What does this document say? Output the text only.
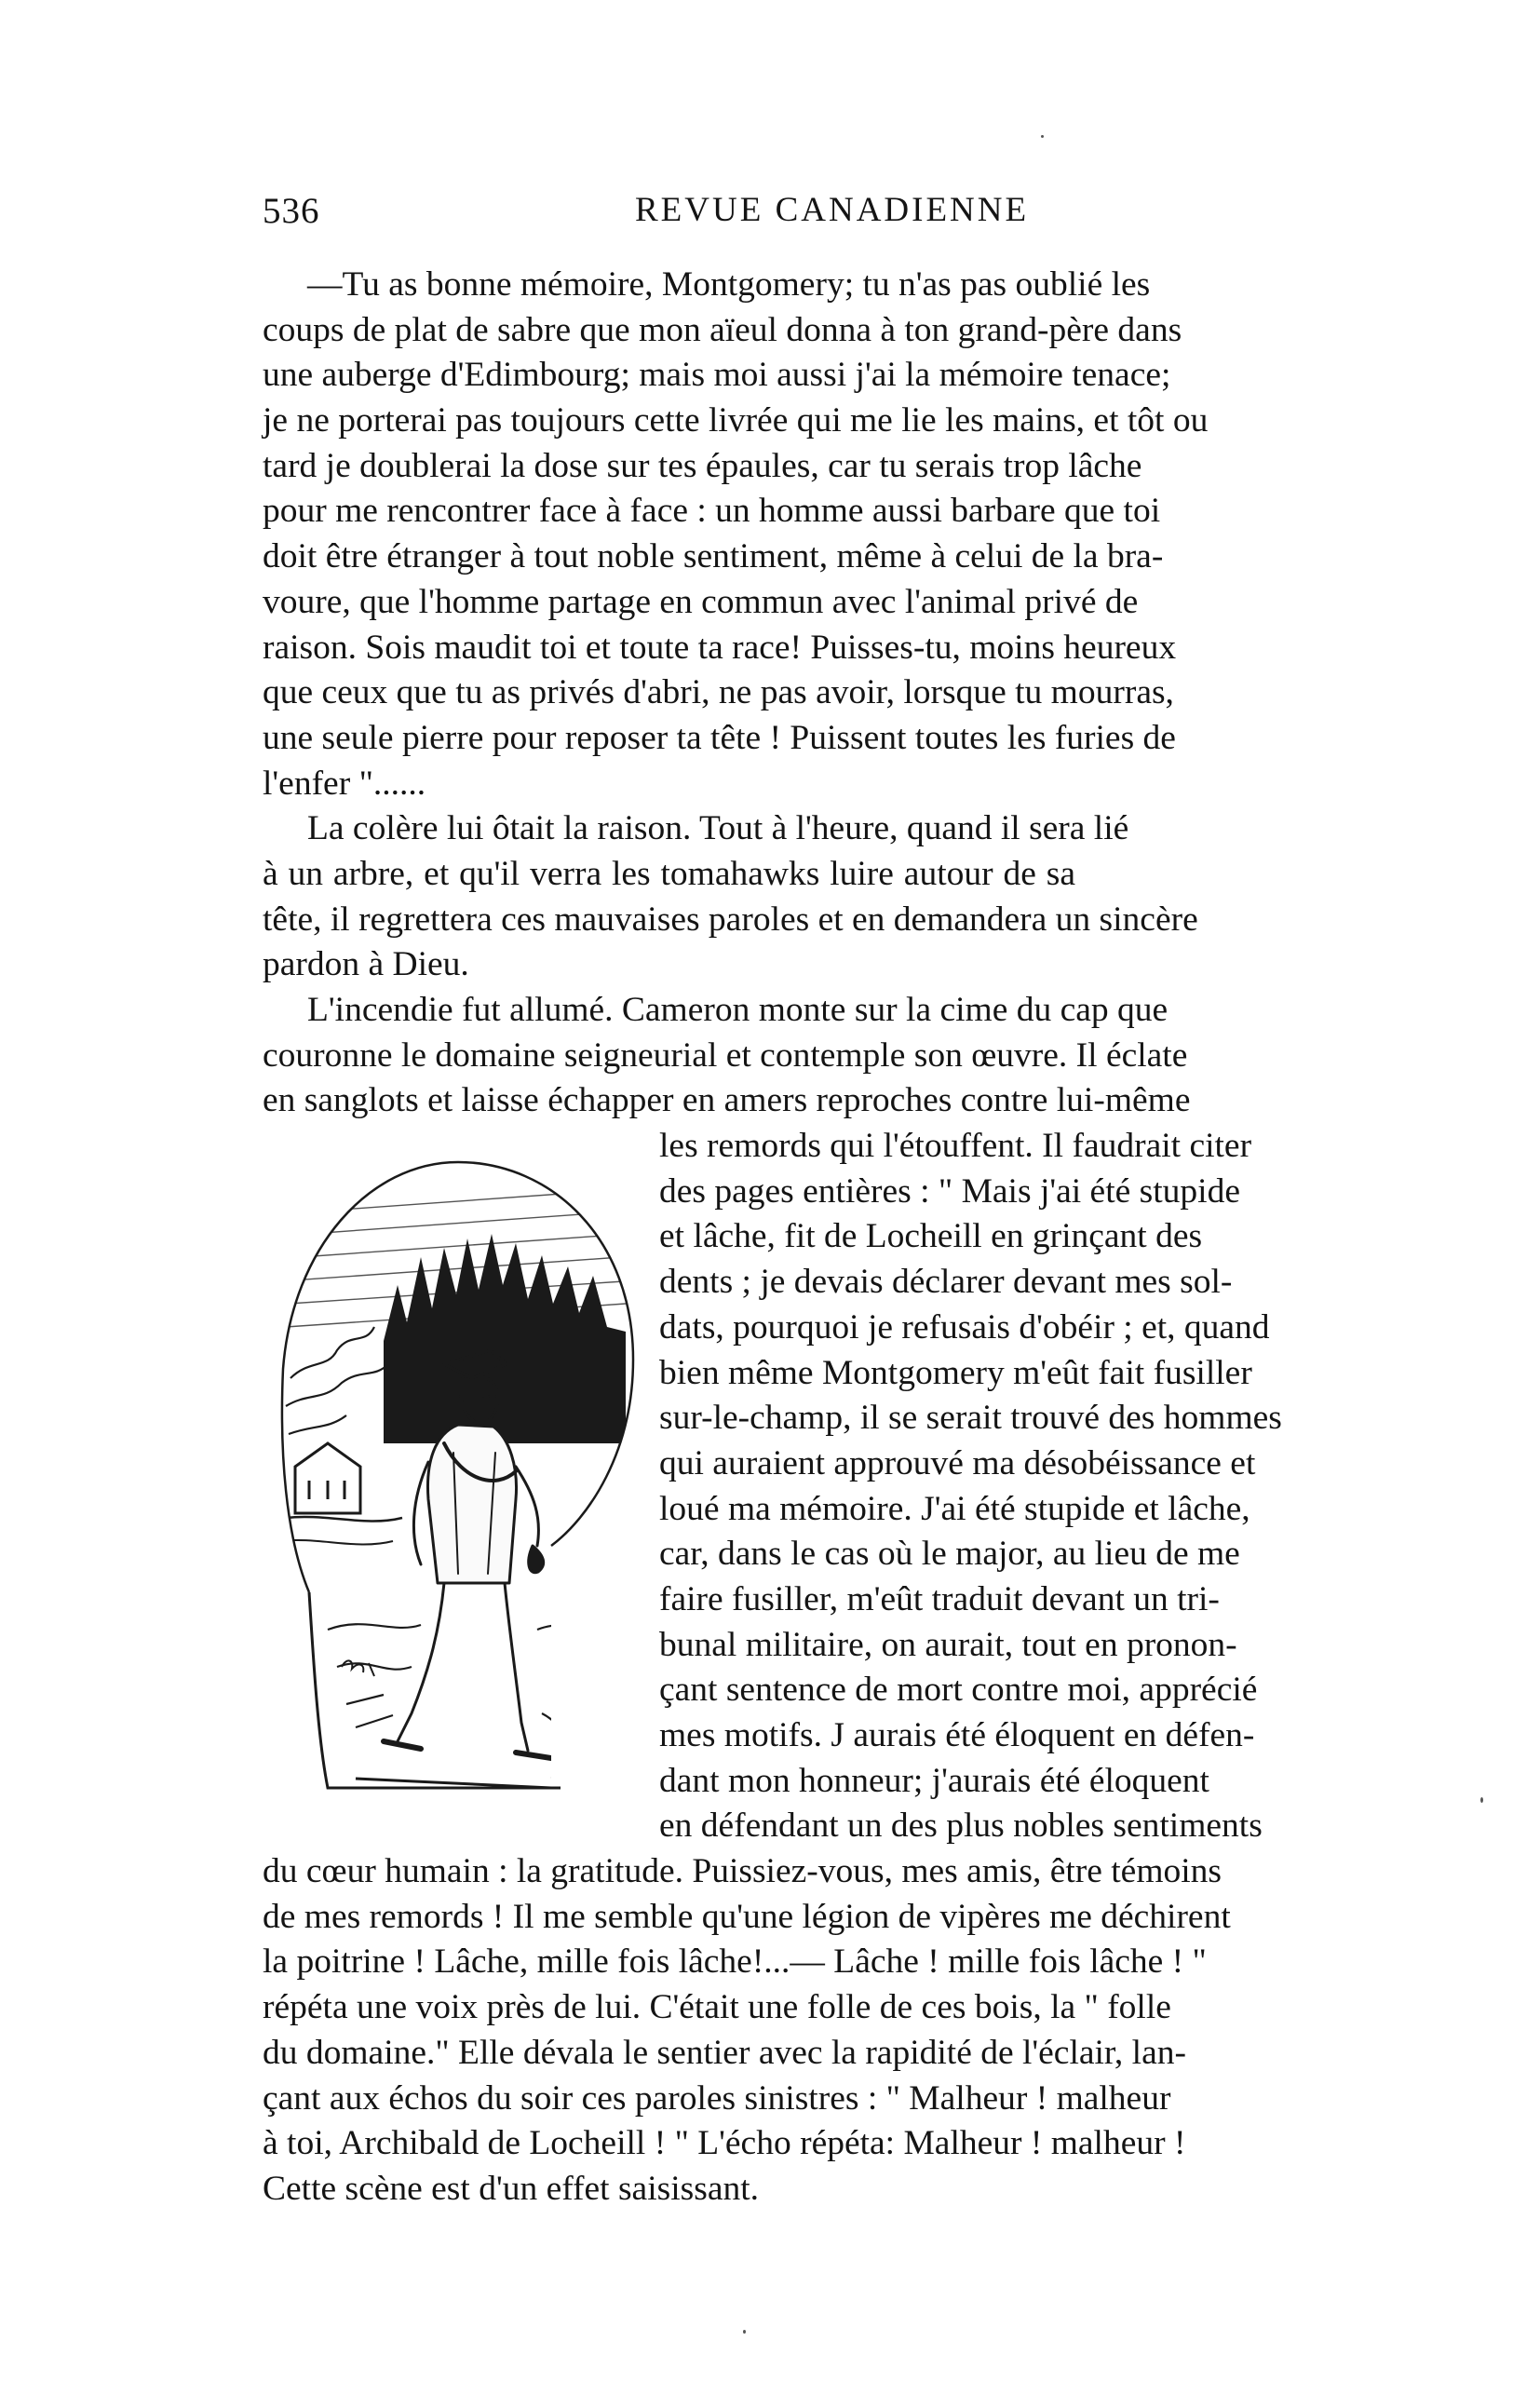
536	REVUE CANADIENNE
—Tu as bonne mémoire, Montgomery; tu n'as pas oublié les
coups de plat de sabre que mon aïeul donna à ton grand-père dans
une auberge d'Edimbourg; mais moi aussi j'ai la mémoire tenace;
je ne porterai pas toujours cette livrée qui me lie les mains, et tôt ou
tard je doublerai la dose sur tes épaules, car tu serais trop lâche
pour me rencontrer face à face : un homme aussi barbare que toi
doit être étranger à tout noble sentiment, même à celui de la bra-
voure, que l'homme partage en commun avec l'animal privé de
raison. Sois maudit toi et toute ta race! Puisses-tu, moins heureux
que ceux que tu as privés d'abri, ne pas avoir, lorsque tu mourras,
une seule pierre pour reposer ta tête ! Puissent toutes les furies de
l'enfer "......
La colère lui ôtait la raison. Tout à l'heure, quand il sera lié
à un arbre, et qu'il verra les tomahawks luire autour de sa
tête, il regrettera ces mauvaises paroles et en demandera un sincère
pardon à Dieu.
L'incendie fut allumé. Cameron monte sur la cime du cap que
couronne le domaine seigneurial et contemple son œuvre. Il éclate
en sanglots et laisse échapper en amers reproches contre lui-même
les remords qui l'étouffent. Il faudrait citer
des pages entières : " Mais j'ai été stupide
et lâche, fit de Locheill en grinçant des
dents ; je devais déclarer devant mes sol-
dats, pourquoi je refusais d'obéir ; et, quand
bien même Montgomery m'eût fait fusiller
sur-le-champ, il se serait trouvé des hommes
qui auraient approuvé ma désobéissance et
loué ma mémoire. J'ai été stupide et lâche,
car, dans le cas où le major, au lieu de me
faire fusiller, m'eût traduit devant un tri-
bunal militaire, on aurait, tout en pronon-
çant sentence de mort contre moi, apprécié
mes motifs. J aurais été éloquent en défen-
dant mon honneur; j'aurais été éloquent
en défendant un des plus nobles sentiments
du cœur humain : la gratitude. Puissiez-vous, mes amis, être témoins
de mes remords ! Il me semble qu'une légion de vipères me déchirent
la poitrine ! Lâche, mille fois lâche!...— Lâche ! mille fois lâche ! "
répéta une voix près de lui. C'était une folle de ces bois, la " folle
du domaine." Elle dévala le sentier avec la rapidité de l'éclair, lan-
çant aux échos du soir ces paroles sinistres : " Malheur ! malheur
à toi, Archibald de Locheill ! " L'écho répéta: Malheur ! malheur !
Cette scène est d'un effet saisissant.
